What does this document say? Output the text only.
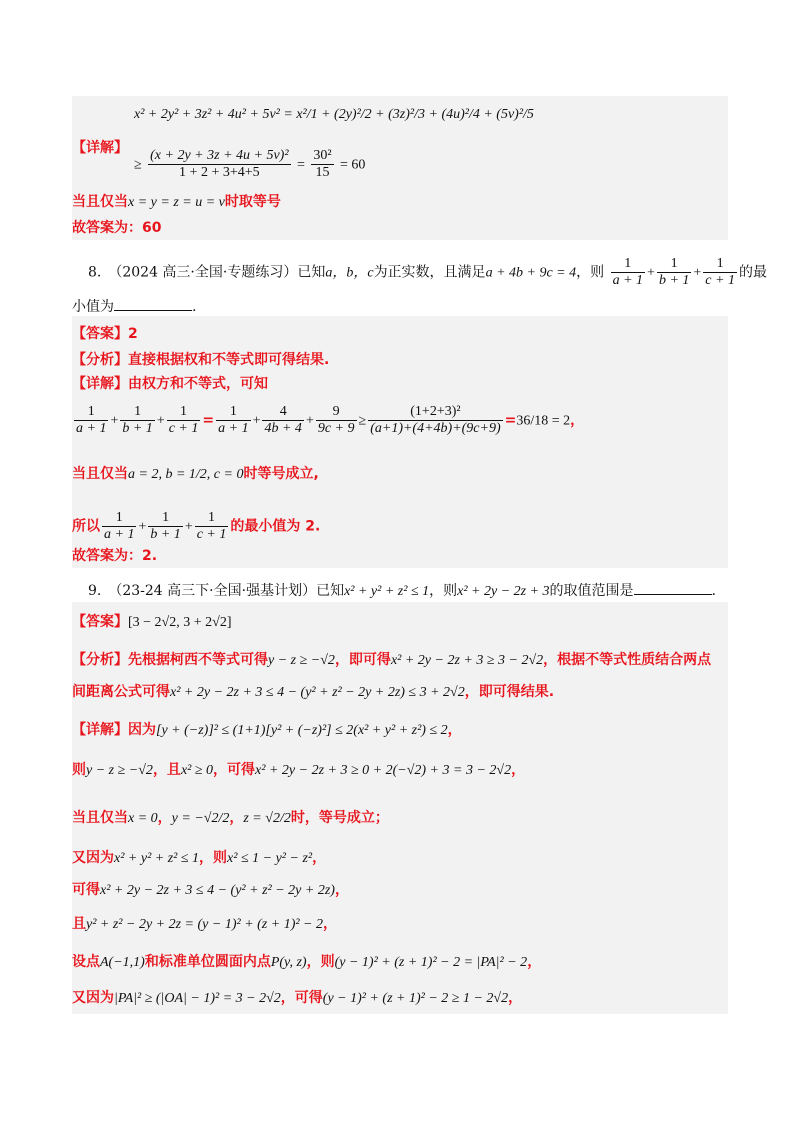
x² + 2y² + 3z² + 4u² + 5v² = x²/1 + (2y)²/2 + (3z)²/3 + (4u)²/4 + (5v)²/5
【详解】
≥ $\frac{\text{(x + 2y + 3z + 4u + 5v)²}}{1 + 2 + 3+4+5} = \frac{\text{30²}}{15} = 60$
当且仅当x = y = z = u = v时取等号
故答案为：60
8.　（2024 高三·全国·专题练习）已知a，b，c为正实数，且满足a + 4b + 9c = 4，则 $\frac{1}{a + 1} + \frac{1}{b + 1} + \frac{1}{c + 1}$ 的最
小值为	.
【答案】2
【分析】直接根据权和不等式即可得结果.
【详解】由权方和不等式，可知
$\frac{1}{a + 1} + \frac{1}{b + 1} + \frac{1}{c + 1} = \frac{1}{a + 1} + \frac{4}{4b + 4} + \frac{9}{9c + 9} \ge \frac{\text{(1+2+3)²}}{(a+1)+(4+4b)+(9c+9)} =36/18 = 2$，
当且仅当a = 2, b = 1/2, c = 0时等号成立,
所以 $\frac{1}{a + 1} + \frac{1}{b + 1} + \frac{1}{c + 1}$ 的最小值为 2.
故答案为：2.
9.　（23-24 高三下·全国·强基计划）已知x² + y² + z² ≤ 1，则x² + 2y − 2z + 3的取值范围是	.
【答案】[3 − 2√2, 3 + 2√2]
【分析】先根据柯西不等式可得y − z ≥ −√2，即可得x² + 2y − 2z + 3 ≥ 3 − 2√2，根据不等式性质结合两点
间距离公式可得x² + 2y − 2z + 3 ≤ 4 − (y² + z² − 2y + 2z) ≤ 3 + 2√2，即可得结果.
【详解】因为[y + (−z)]² ≤ (1+1)[y² + (−z)²] ≤ 2(x² + y² + z²) ≤ 2，
则y − z ≥ −√2，且x² ≥ 0，可得x² + 2y − 2z + 3 ≥ 0 + 2(−√2) + 3 = 3 − 2√2，
当且仅当x = 0，y = −√2/2，z = √2/2时，等号成立；
又因为x² + y² + z² ≤ 1，则x² ≤ 1 − y² − z²，
可得x² + 2y − 2z + 3 ≤ 4 − (y² + z² − 2y + 2z)，
且y² + z² − 2y + 2z = (y − 1)² + (z + 1)² − 2，
设点A(−1,1)和标准单位圆面内点P(y, z)，则(y − 1)² + (z + 1)² − 2 = |PA|² − 2，
又因为|PA|² ≥ (|OA| − 1)² = 3 − 2√2，可得(y − 1)² + (z + 1)² − 2 ≥ 1 − 2√2，
